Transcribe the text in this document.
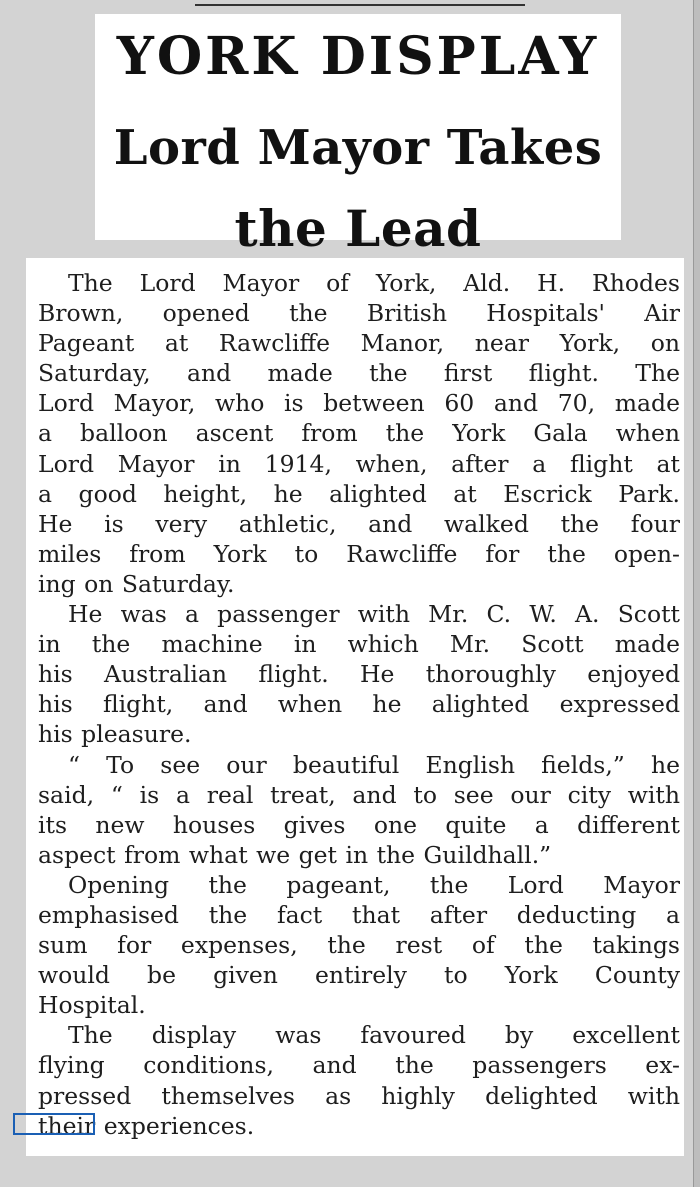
YORK DISPLAY
Lord Mayor Takes
the Lead
The Lord Mayor of York, Ald. H. Rhodes
Brown, opened the British Hospitals' Air
Pageant at Rawcliffe Manor, near York, on
Saturday, and made the first flight. The
Lord Mayor, who is between 60 and 70, made
a balloon ascent from the York Gala when
Lord Mayor in 1914, when, after a flight at
a good height, he alighted at Escrick Park.
He is very athletic, and walked the four
miles from York to Rawcliffe for the open-
ing on Saturday.
He was a passenger with Mr. C. W. A. Scott
in the machine in which Mr. Scott made
his Australian flight. He thoroughly enjoyed
his flight, and when he alighted expressed
his pleasure.
“ To see our beautiful English fields,” he
said, “ is a real treat, and to see our city with
its new houses gives one quite a different
aspect from what we get in the Guildhall.”
Opening the pageant, the Lord Mayor
emphasised the fact that after deducting a
sum for expenses, the rest of the takings
would be given entirely to York County
Hospital.
The display was favoured by excellent
flying conditions, and the passengers ex-
pressed themselves as highly delighted with
their experiences.
